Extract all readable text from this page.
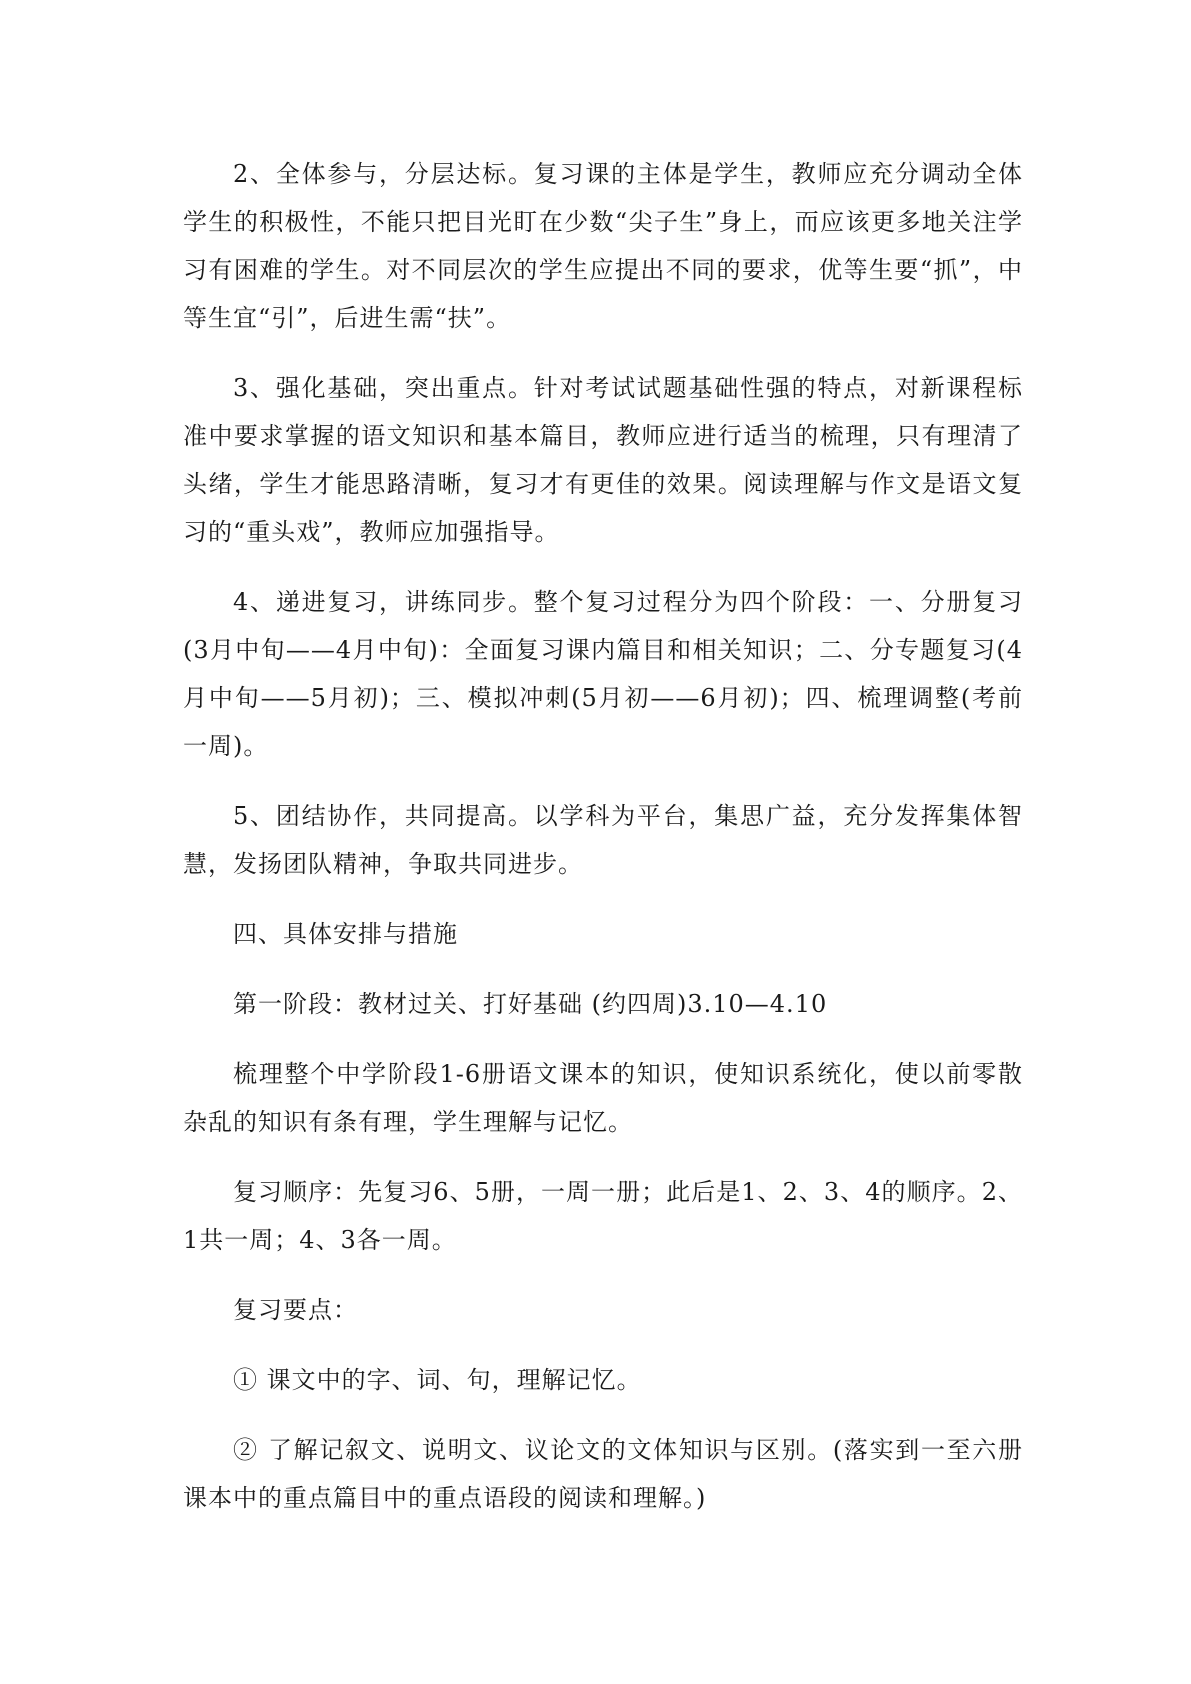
2、全体参与，分层达标。复习课的主体是学生，教师应充分调动全体学生的积极性，不能只把目光盯在少数“尖子生”身上，而应该更多地关注学习有困难的学生。对不同层次的学生应提出不同的要求，优等生要“抓”，中等生宜“引”，后进生需“扶”。

3、强化基础，突出重点。针对考试试题基础性强的特点，对新课程标准中要求掌握的语文知识和基本篇目，教师应进行适当的梳理，只有理清了头绪，学生才能思路清晰，复习才有更佳的效果。阅读理解与作文是语文复习的“重头戏”，教师应加强指导。

4、递进复习，讲练同步。整个复习过程分为四个阶段：一、分册复习(3月中旬——4月中旬)：全面复习课内篇目和相关知识；二、分专题复习(4月中旬——5月初)；三、模拟冲刺(5月初——6月初)；四、梳理调整(考前一周)。

5、团结协作，共同提高。以学科为平台，集思广益，充分发挥集体智慧，发扬团队精神，争取共同进步。

四、具体安排与措施

第一阶段：教材过关、打好基础 (约四周)3.10—4.10

梳理整个中学阶段1-6册语文课本的知识，使知识系统化，使以前零散杂乱的知识有条有理，学生理解与记忆。

复习顺序：先复习6、5册，一周一册；此后是1、2、3、4的顺序。2、1共一周；4、3各一周。

复习要点：

① 课文中的字、词、句，理解记忆。

② 了解记叙文、说明文、议论文的文体知识与区别。(落实到一至六册课本中的重点篇目中的重点语段的阅读和理解。)
